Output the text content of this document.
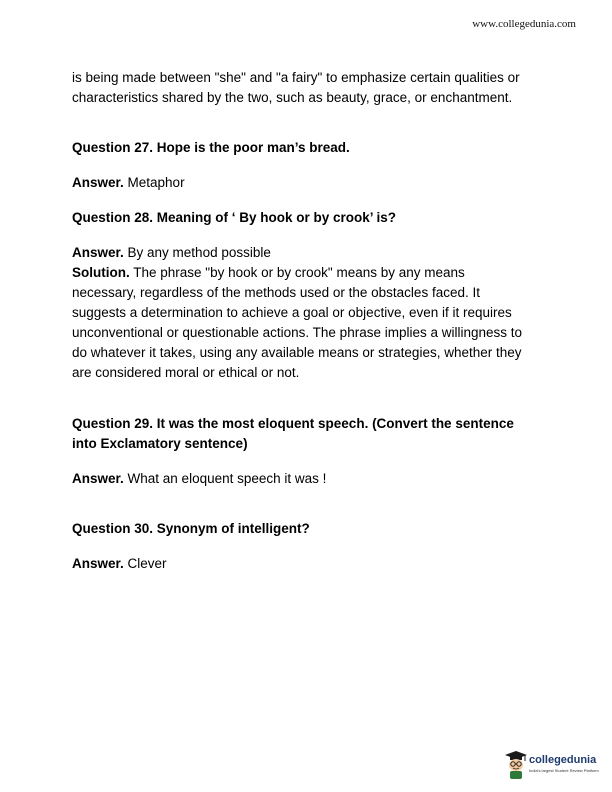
www.collegedunia.com

is being made between "she" and "a fairy" to emphasize certain qualities or

characteristics shared by the two, such as beauty, grace, or enchantment.

Question 27. Hope is the poor man’s bread.

Answer. Metaphor

Question 28. Meaning of ‘ By hook or by crook’ is?

Answer. By any method possible

Solution. The phrase "by hook or by crook" means by any means

necessary, regardless of the methods used or the obstacles faced. It

suggests a determination to achieve a goal or objective, even if it requires

unconventional or questionable actions. The phrase implies a willingness to

do whatever it takes, using any available means or strategies, whether they

are considered moral or ethical or not.

Question 29. It was the most eloquent speech. (Convert the sentence

into Exclamatory sentence)

Answer. What an eloquent speech it was !

Question 30. Synonym of intelligent?

Answer. Clever

collegedunia
India's largest Student Review Platform
